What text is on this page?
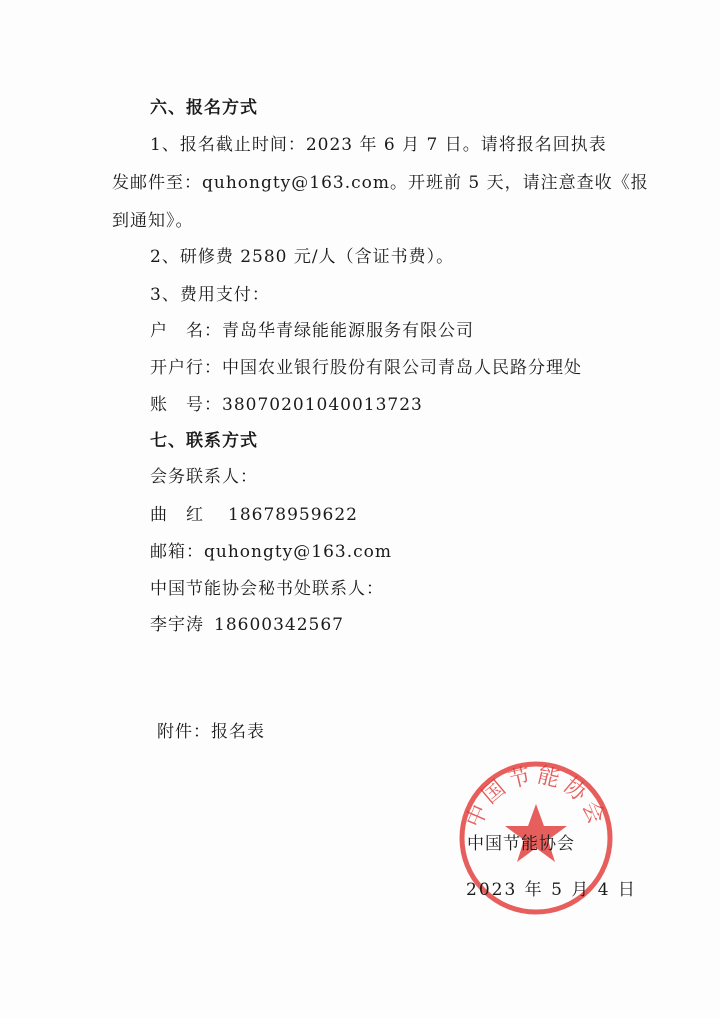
六、报名方式
1、报名截止时间：2023 年 6 月 7 日。请将报名回执表
发邮件至：quhongty@163.com。开班前 5 天，请注意查收《报
到通知》。
2、研修费 2580 元/人（含证书费）。
3、费用支付：
户　名：青岛华青绿能能源服务有限公司
开户行：中国农业银行股份有限公司青岛人民路分理处
账　号：38070201040013723
七、联系方式
会务联系人：
曲　红 18678959622
邮箱：quhongty@163.com
中国节能协会秘书处联系人：
李宇涛 18600342567
附件：报名表
中国节能协会
中国节能协会
2023 年 5 月 4 日
